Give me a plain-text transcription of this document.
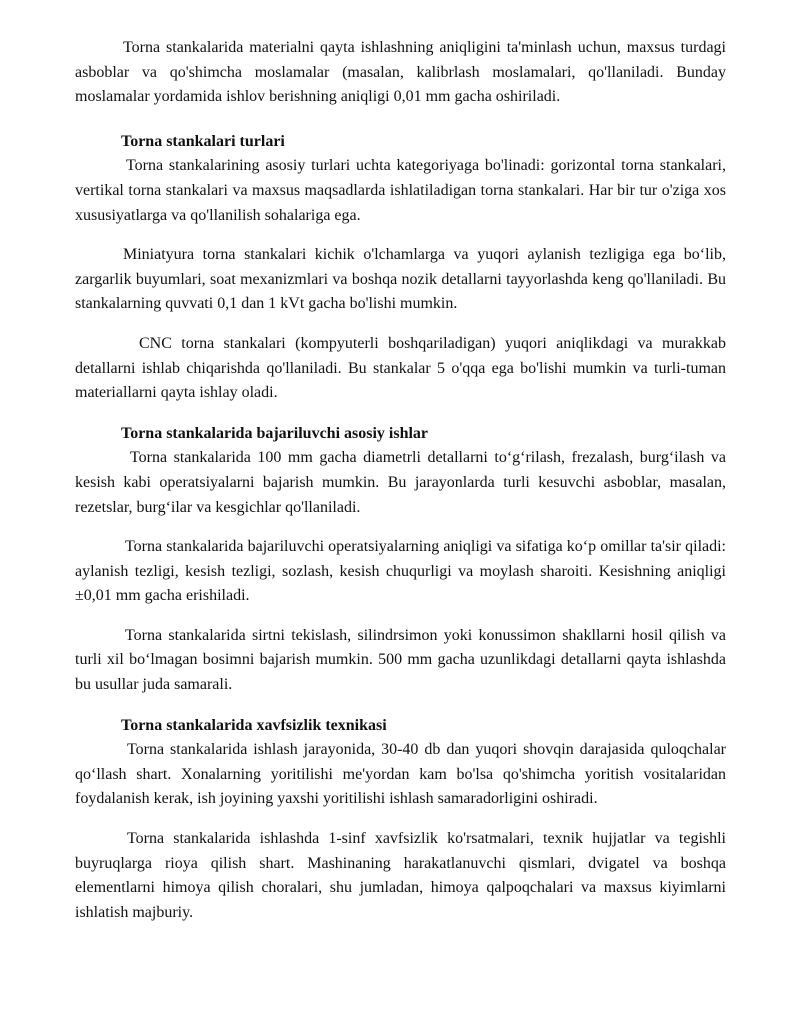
Torna stankalarida materialni qayta ishlashning aniqligini ta'minlash uchun, maxsus turdagi asboblar va qo'shimcha moslamalar (masalan, kalibrlash moslamalari, qo'llaniladi. Bunday moslamalar yordamida ishlov berishning aniqligi 0,01 mm gacha oshiriladi.

Torna stankalari turlari

Torna stankalarining asosiy turlari uchta kategoriyaga bo'linadi: gorizontal torna stankalari, vertikal torna stankalari va maxsus maqsadlarda ishlatiladigan torna stankalari. Har bir tur o'ziga xos xususiyatlarga va qo'llanilish sohalariga ega.

Miniatyura torna stankalari kichik o'lchamlarga va yuqori aylanish tezligiga ega bo‘lib, zargarlik buyumlari, soat mexanizmlari va boshqa nozik detallarni tayyorlashda keng qo'llaniladi. Bu stankalarning quvvati 0,1 dan 1 kVt gacha bo'lishi mumkin.

CNC torna stankalari (kompyuterli boshqariladigan) yuqori aniqlikdagi va murakkab detallarni ishlab chiqarishda qo'llaniladi. Bu stankalar 5 o'qqa ega bo'lishi mumkin va turli-tuman materiallarni qayta ishlay oladi.

Torna stankalarida bajariluvchi asosiy ishlar

Torna stankalarida 100 mm gacha diametrli detallarni to‘g‘rilash, frezalash, burg‘ilash va kesish kabi operatsiyalarni bajarish mumkin. Bu jarayonlarda turli kesuvchi asboblar, masalan, rezetslar, burg‘ilar va kesgichlar qo'llaniladi.

Torna stankalarida bajariluvchi operatsiyalarning aniqligi va sifatiga ko‘p omillar ta'sir qiladi: aylanish tezligi, kesish tezligi, sozlash, kesish chuqurligi va moylash sharoiti. Kesishning aniqligi ±0,01 mm gacha erishiladi.

Torna stankalarida sirtni tekislash, silindrsimon yoki konussimon shakllarni hosil qilish va turli xil bo‘lmagan bosimni bajarish mumkin. 500 mm gacha uzunlikdagi detallarni qayta ishlashda bu usullar juda samarali.

Torna stankalarida xavfsizlik texnikasi

Torna stankalarida ishlash jarayonida, 30-40 db dan yuqori shovqin darajasida quloqchalar qo‘llash shart. Xonalarning yoritilishi me'yordan kam bo'lsa qo'shimcha yoritish vositalaridan foydalanish kerak, ish joyining yaxshi yoritilishi ishlash samaradorligini oshiradi.

Torna stankalarida ishlashda 1-sinf xavfsizlik ko'rsatmalari, texnik hujjatlar va tegishli buyruqlarga rioya qilish shart. Mashinaning harakatlanuvchi qismlari, dvigatel va boshqa elementlarni himoya qilish choralari, shu jumladan, himoya qalpoqchalari va maxsus kiyimlarni ishlatish majburiy.
